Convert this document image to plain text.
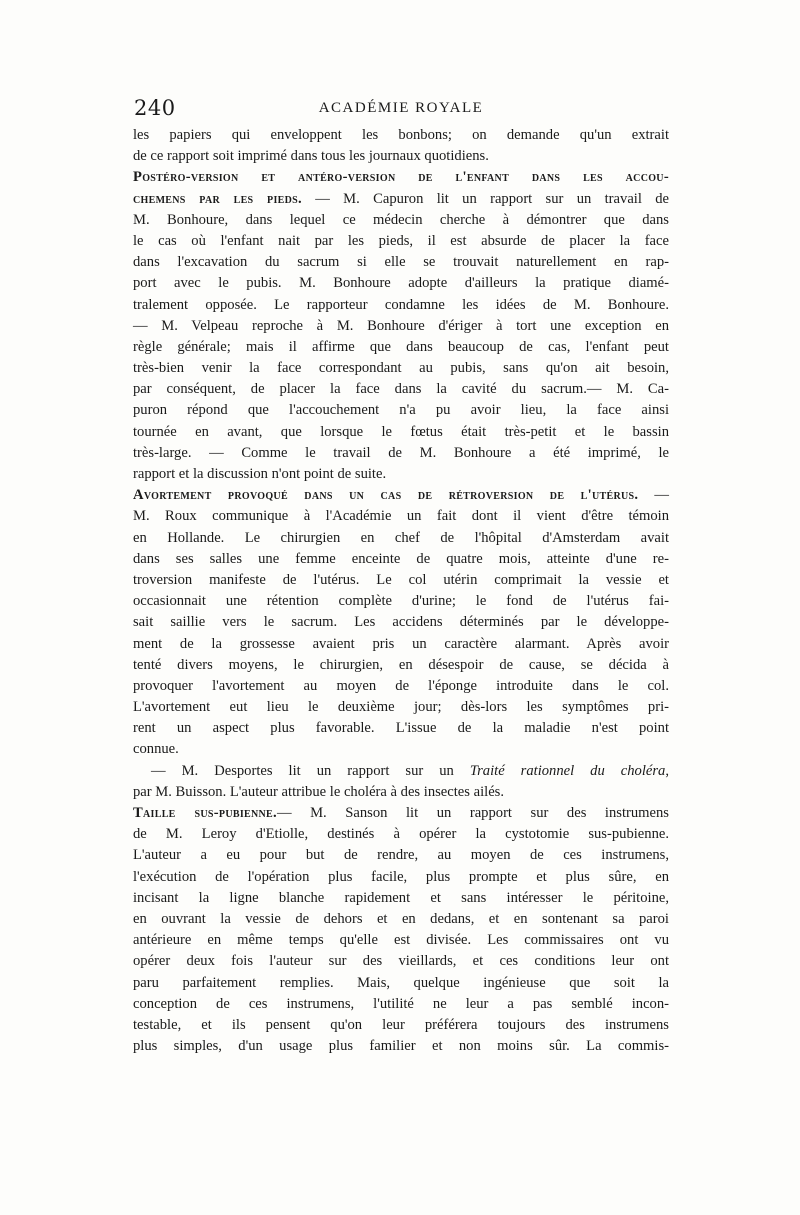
240	ACADÉMIE ROYALE
les papiers qui enveloppent les bonbons; on demande qu'un extrait
de ce rapport soit imprimé dans tous les journaux quotidiens.
Postéro-version et antéro-version de l'enfant dans les accou-
chemens par les pieds. — M. Capuron lit un rapport sur un travail de
M. Bonhoure, dans lequel ce médecin cherche à démontrer que dans
le cas où l'enfant nait par les pieds, il est absurde de placer la face
dans l'excavation du sacrum si elle se trouvait naturellement en rap-
port avec le pubis. M. Bonhoure adopte d'ailleurs la pratique diamé-
tralement opposée. Le rapporteur condamne les idées de M. Bonhoure.
— M. Velpeau reproche à M. Bonhoure d'ériger à tort une exception en
règle générale; mais il affirme que dans beaucoup de cas, l'enfant peut
très-bien venir la face correspondant au pubis, sans qu'on ait besoin,
par conséquent, de placer la face dans la cavité du sacrum.— M. Ca-
puron répond que l'accouchement n'a pu avoir lieu, la face ainsi
tournée en avant, que lorsque le fœtus était très-petit et le bassin
très-large. — Comme le travail de M. Bonhoure a été imprimé, le
rapport et la discussion n'ont point de suite.
Avortement provoqué dans un cas de rétroversion de l'utérus. —
M. Roux communique à l'Académie un fait dont il vient d'être témoin
en Hollande. Le chirurgien en chef de l'hôpital d'Amsterdam avait
dans ses salles une femme enceinte de quatre mois, atteinte d'une re-
troversion manifeste de l'utérus. Le col utérin comprimait la vessie et
occasionnait une rétention complète d'urine; le fond de l'utérus fai-
sait saillie vers le sacrum. Les accidens déterminés par le développe-
ment de la grossesse avaient pris un caractère alarmant. Après avoir
tenté divers moyens, le chirurgien, en désespoir de cause, se décida à
provoquer l'avortement au moyen de l'éponge introduite dans le col.
L'avortement eut lieu le deuxième jour; dès-lors les symptômes pri-
rent un aspect plus favorable. L'issue de la maladie n'est point
connue.
— M. Desportes lit un rapport sur un Traité rationnel du choléra,
par M. Buisson. L'auteur attribue le choléra à des insectes ailés.
Taille sus-pubienne.— M. Sanson lit un rapport sur des instrumens
de M. Leroy d'Etiolle, destinés à opérer la cystotomie sus-pubienne.
L'auteur a eu pour but de rendre, au moyen de ces instrumens,
l'exécution de l'opération plus facile, plus prompte et plus sûre, en
incisant la ligne blanche rapidement et sans intéresser le péritoine,
en ouvrant la vessie de dehors et en dedans, et en sontenant sa paroi
antérieure en même temps qu'elle est divisée. Les commissaires ont vu
opérer deux fois l'auteur sur des vieillards, et ces conditions leur ont
paru parfaitement remplies. Mais, quelque ingénieuse que soit la
conception de ces instrumens, l'utilité ne leur a pas semblé incon-
testable, et ils pensent qu'on leur préférera toujours des instrumens
plus simples, d'un usage plus familier et non moins sûr. La commis-
